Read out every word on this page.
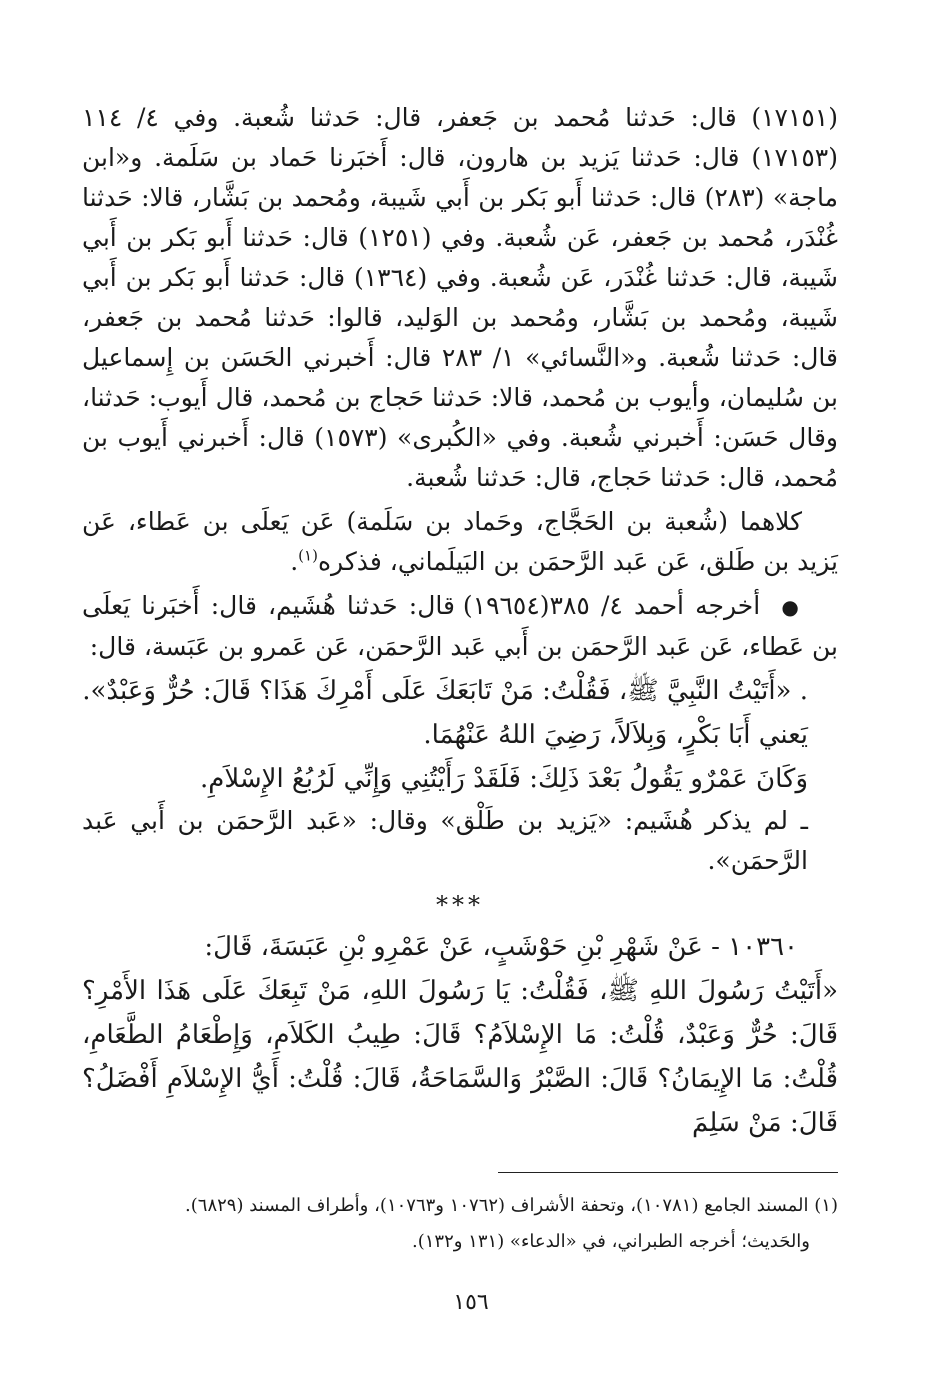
(١٧١٥١) قال: حَدثنا مُحمد بن جَعفر، قال: حَدثنا شُعبة. وفي ٤/ ١١٤ (١٧١٥٣) قال: حَدثنا يَزيد بن هارون، قال: أَخبَرنا حَماد بن سَلَمة. و«ابن ماجة» (٢٨٣) قال: حَدثنا أَبو بَكر بن أَبي شَيبة، ومُحمد بن بَشَّار، قالا: حَدثنا غُنْدَر، مُحمد بن جَعفر، عَن شُعبة. وفي (١٢٥١) قال: حَدثنا أَبو بَكر بن أَبي شَيبة، قال: حَدثنا غُنْدَر، عَن شُعبة. وفي (١٣٦٤) قال: حَدثنا أَبو بَكر بن أَبي شَيبة، ومُحمد بن بَشَّار، ومُحمد بن الوَليد، قالوا: حَدثنا مُحمد بن جَعفر، قال: حَدثنا شُعبة. و«النَّسائي» ١/ ٢٨٣ قال: أَخبرني الحَسَن بن إِسماعيل بن سُليمان، وأيوب بن مُحمد، قالا: حَدثنا حَجاج بن مُحمد، قال أَيوب: حَدثنا، وقال حَسَن: أَخبرني شُعبة. وفي «الكُبرى» (١٥٧٣) قال: أَخبرني أَيوب بن مُحمد، قال: حَدثنا حَجاج، قال: حَدثنا شُعبة.

كلاهما (شُعبة بن الحَجَّاج، وحَماد بن سَلَمة) عَن يَعلَى بن عَطاء، عَن يَزيد بن طَلق، عَن عَبد الرَّحمَن بن البَيلَماني، فذكره$^{(١)}$.

● أخرجه أحمد ٤/ ٣٨٥(١٩٦٥٤) قال: حَدثنا هُشَيم، قال: أَخبَرنا يَعلَى بن عَطاء، عَن عَبد الرَّحمَن بن أَبي عَبد الرَّحمَن، عَن عَمرو بن عَبَسة، قال:

. «أَتَيْتُ النَّبِيَّ ﷺ، فَقُلْتُ: مَنْ تَابَعَكَ عَلَى أَمْرِكَ هَذَا؟ قَالَ: حُرٌّ وَعَبْدٌ».

يَعني أَبَا بَكْرٍ، وَبِلاَلاً، رَضِيَ اللهُ عَنْهُمَا.

وَكَانَ عَمْرٌو يَقُولُ بَعْدَ ذَلِكَ: فَلَقَدْ رَأَيْتُنِي وَإِنِّي لَرُبُعُ الإِسْلاَمِ.

ـ لم يذكر هُشَيم: «يَزيد بن طَلْق» وقال: «عَبد الرَّحمَن بن أَبي عَبد الرَّحمَن».

***

١٠٣٦٠ - عَنْ شَهْرِ بْنِ حَوْشَبٍ، عَنْ عَمْرِو بْنِ عَبَسَةَ، قَالَ:

«أَتَيْتُ رَسُولَ اللهِ ﷺ، فَقُلْتُ: يَا رَسُولَ اللهِ، مَنْ تَبِعَكَ عَلَى هَذَا الأَمْرِ؟ قَالَ: حُرٌّ وَعَبْدٌ، قُلْتُ: مَا الإِسْلاَمُ؟ قَالَ: طِيبُ الكَلاَمِ، وَإِطْعَامُ الطَّعَامِ، قُلْتُ: مَا الإِيمَانُ؟ قَالَ: الصَّبْرُ وَالسَّمَاحَةُ، قَالَ: قُلْتُ: أَيُّ الإِسْلاَمِ أَفْضَلُ؟ قَالَ: مَنْ سَلِمَ

(١) المسند الجامع (١٠٧٨١)، وتحفة الأشراف (١٠٧٦٢ و١٠٧٦٣)، وأطراف المسند (٦٨٢٩).

والحَديث؛ أخرجه الطبراني، في «الدعاء» (١٣١ و١٣٢).

١٥٦
